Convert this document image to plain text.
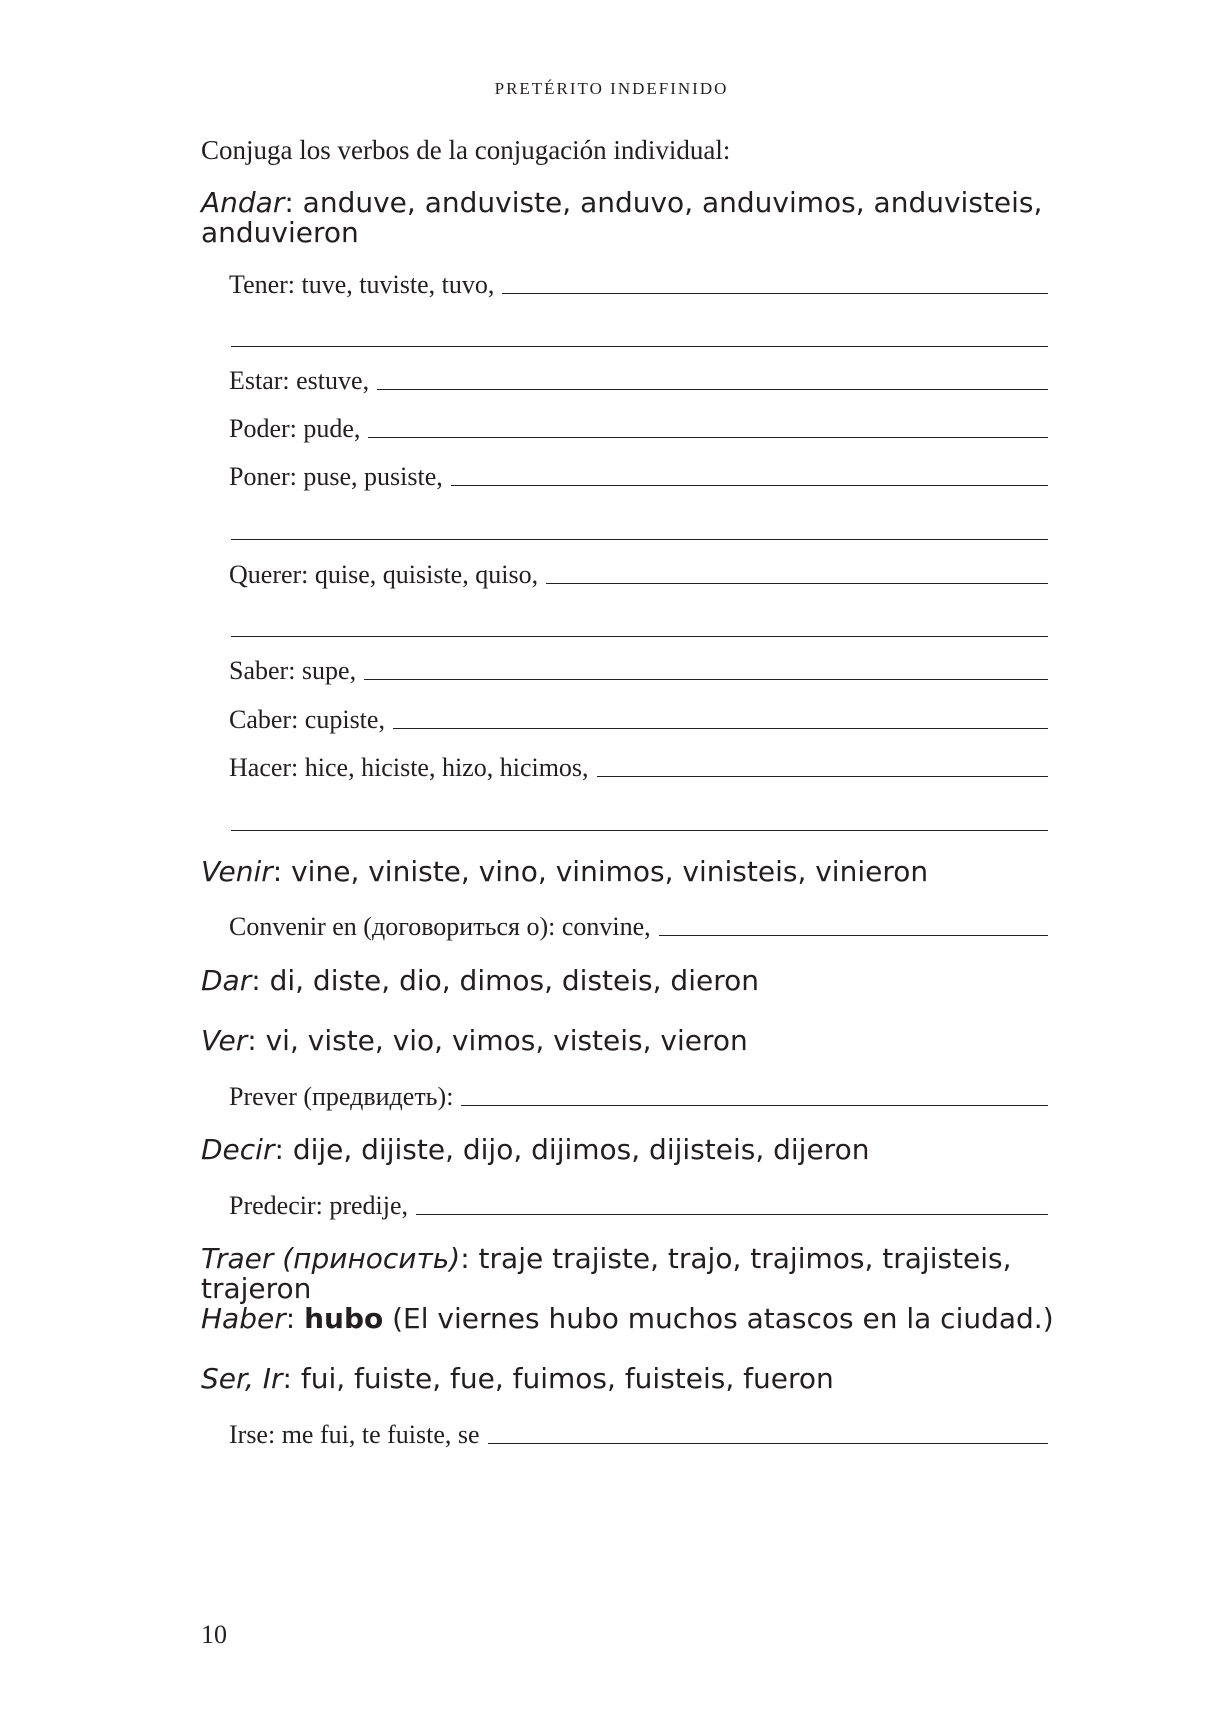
PRETÉRITO INDEFINIDO
Conjuga los verbos de la conjugación individual:
Andar: anduve, anduviste, anduvo, anduvimos, anduvisteis, anduvieron
Tener: tuve, tuviste, tuvo,
Estar: estuve,
Poder: pude,
Poner: puse, pusiste,
Querer: quise, quisiste, quiso,
Saber: supe,
Caber: cupiste,
Hacer: hice, hiciste, hizo, hicimos,
Venir: vine, viniste, vino, vinimos, vinisteis, vinieron
Convenir en (договориться о): convine,
Dar: di, diste, dio, dimos, disteis, dieron
Ver: vi, viste, vio, vimos, visteis, vieron
Prever (предвидеть):
Decir: dije, dijiste, dijo, dijimos, dijisteis, dijeron
Predecir: predije,
Traer (приносить): traje trajiste, trajo, trajimos, trajisteis, trajeron
Haber: hubo (El viernes hubo muchos atascos en la ciudad.)
Ser, Ir: fui, fuiste, fue, fuimos, fuisteis, fueron
Irse: me fui, te fuiste, se
10
